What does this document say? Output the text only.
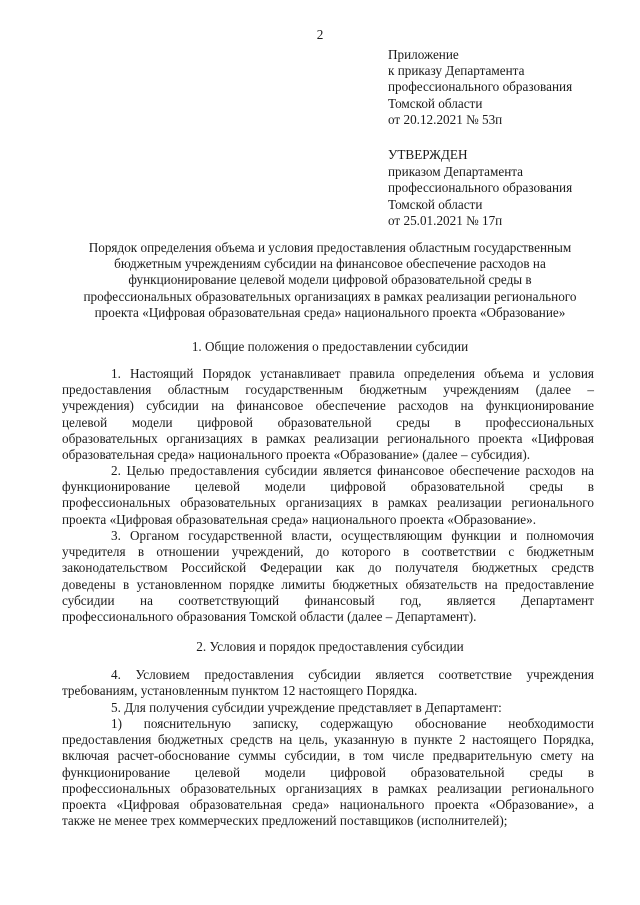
2
Приложение
к приказу Департамента
профессионального образования
Томской области
от 20.12.2021 № 53п
УТВЕРЖДЕН
приказом Департамента
профессионального образования
Томской области
от 25.01.2021 № 17п
Порядок определения объема и условия предоставления областным государственным
бюджетным учреждениям субсидии на финансовое обеспечение расходов на
функционирование целевой модели цифровой образовательной среды в
профессиональных образовательных организациях в рамках реализации регионального
проекта «Цифровая образовательная среда» национального проекта «Образование»
1. Общие положения о предоставлении субсидии
1. Настоящий Порядок устанавливает правила определения объема и условия
предоставления областным государственным бюджетным учреждениям (далее –
учреждения) субсидии на финансовое обеспечение расходов на функционирование
целевой модели цифровой образовательной среды в профессиональных
образовательных организациях в рамках реализации регионального проекта «Цифровая
образовательная среда» национального проекта «Образование» (далее – субсидия).
2. Целью предоставления субсидии является финансовое обеспечение расходов на
функционирование целевой модели цифровой образовательной среды в
профессиональных образовательных организациях в рамках реализации регионального
проекта «Цифровая образовательная среда» национального проекта «Образование».
3. Органом государственной власти, осуществляющим функции и полномочия
учредителя в отношении учреждений, до которого в соответствии с бюджетным
законодательством Российской Федерации как до получателя бюджетных средств
доведены в установленном порядке лимиты бюджетных обязательств на предоставление
субсидии на соответствующий финансовый год, является Департамент
профессионального образования Томской области (далее – Департамент).
2. Условия и порядок предоставления субсидии
4. Условием предоставления субсидии является соответствие учреждения
требованиям, установленным пунктом 12 настоящего Порядка.
5. Для получения субсидии учреждение представляет в Департамент:
1) пояснительную записку, содержащую обоснование необходимости
предоставления бюджетных средств на цель, указанную в пункте 2 настоящего Порядка,
включая расчет-обоснование суммы субсидии, в том числе предварительную смету на
функционирование целевой модели цифровой образовательной среды в
профессиональных образовательных организациях в рамках реализации регионального
проекта «Цифровая образовательная среда» национального проекта «Образование», а
также не менее трех коммерческих предложений поставщиков (исполнителей);
